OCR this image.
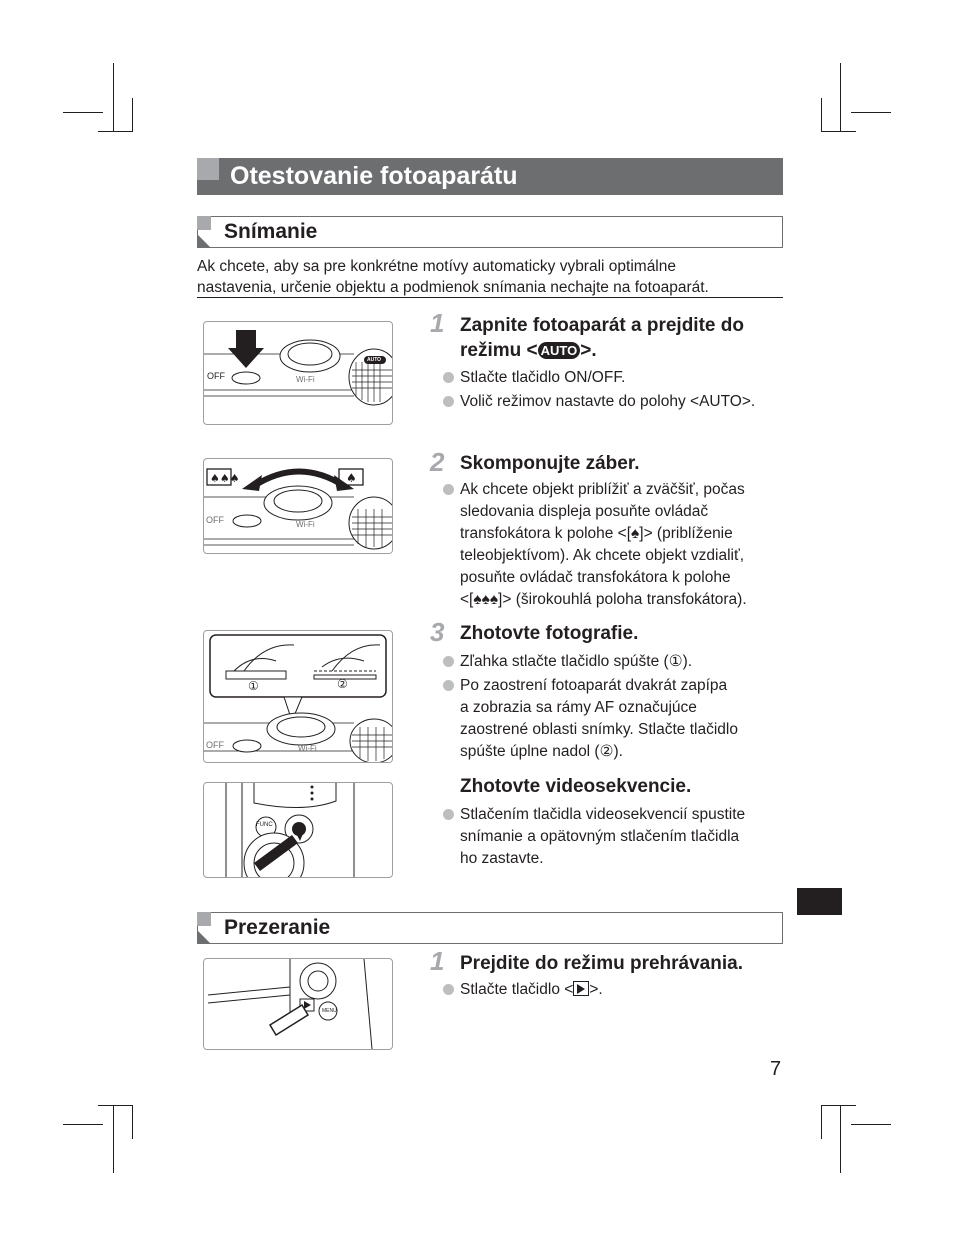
Otestovanie fotoaparátu
Snímanie
Ak chcete, aby sa pre konkrétne motívy automaticky vybrali optimálne
nastavenia, určenie objektu a podmienok snímania nechajte na fotoaparát.
OFF
AUTO
Wi-Fi
1 Zapnite fotoaparát a prejdite do
režimu < AUTO >.
Stlačte tlačidlo ON/OFF.
Volič režimov nastavte do polohy <AUTO>.
♠♠♠	♠
OFF	Wi-Fi
2 Skomponujte záber.
Ak chcete objekt priblížiť a zväčšiť, počas
sledovania displeja posuňte ovládač
transfokátora k polohe <[♠]> (priblíženie
teleobjektívom). Ak chcete objekt vzdialiť,
posuňte ovládač transfokátora k polohe
<[♠♠♠]> (širokouhlá poloha transfokátora).
①	②
OFF	Wi-Fi
3 Zhotovte fotografie.
Zľahka stlačte tlačidlo spúšte (①).
Po zaostrení fotoaparát dvakrát zapípa
a zobrazia sa rámy AF označujúce
zaostrené oblasti snímky. Stlačte tlačidlo
spúšte úplne nadol (②).
FUNC
Zhotovte videosekvencie.
Stlačením tlačidla videosekvencií spustite
snímanie a opätovným stlačením tlačidla
ho zastavte.
Prezeranie
MENU
1 Prejdite do režimu prehrávania.
Stlačte tlačidlo < >.
7
